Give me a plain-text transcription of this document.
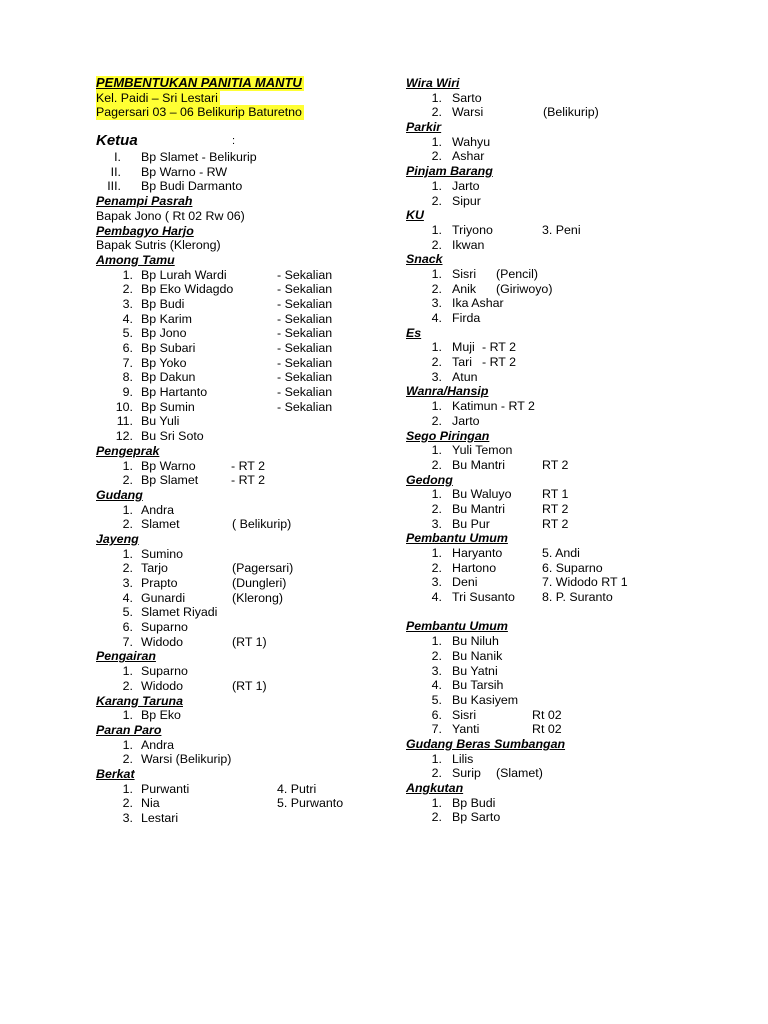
PEMBENTUKAN PANITIA MANTU
Kel. Paidi – Sri Lestari
Pagersari 03 – 06 Belikurip Baturetno
Ketua	:
I. Bp Slamet - Belikurip
II. Bp Warno - RW
III. Bp Budi Darmanto
Penampi Pasrah
Bapak Jono ( Rt 02 Rw 06)
Pembagyo Harjo
Bapak Sutris (Klerong)
Among Tamu
1. Bp Lurah Wardi	- Sekalian
2. Bp Eko Widagdo	- Sekalian
3. Bp Budi	- Sekalian
4. Bp Karim	- Sekalian
5. Bp Jono	- Sekalian
6. Bp Subari	- Sekalian
7. Bp Yoko	- Sekalian
8. Bp Dakun	- Sekalian
9. Bp Hartanto	- Sekalian
10. Bp Sumin	- Sekalian
11. Bu Yuli
12. Bu Sri Soto
Pengeprak
1. Bp Warno	- RT 2
2. Bp Slamet	- RT 2
Gudang
1. Andra
2. Slamet	( Belikurip)
Jayeng
1. Sumino
2. Tarjo	(Pagersari)
3. Prapto	(Dungleri)
4. Gunardi	(Klerong)
5. Slamet Riyadi
6. Suparno
7. Widodo	(RT 1)
Pengairan
1. Suparno
2. Widodo	(RT 1)
Karang Taruna
1. Bp Eko
Paran Paro
1. Andra
2. Warsi (Belikurip)
Berkat
1. Purwanti	4. Putri
2. Nia	5. Purwanto
3. Lestari
Wira Wiri
1. Sarto
2. Warsi	(Belikurip)
Parkir
1. Wahyu
2. Ashar
Pinjam Barang
1. Jarto
2. Sipur
KU
1. Triyono	3. Peni
2. Ikwan
Snack
1. Sisri (Pencil)
2. Anik (Giriwoyo)
3. Ika Ashar
4. Firda
Es
1. Muji - RT 2
2. Tari - RT 2
3. Atun
Wanra/Hansip
1. Katimun - RT 2
2. Jarto
Sego Piringan
1. Yuli Temon
2. Bu Mantri	RT 2
Gedong
1. Bu Waluyo RT 1
2. Bu Mantri	RT 2
3. Bu Pur	RT 2
Pembantu Umum
1. Haryanto	5. Andi
2. Hartono	6. Suparno
3. Deni	7. Widodo RT 1
4. Tri Susanto 8. P. Suranto
Pembantu Umum
1. Bu Niluh
2. Bu Nanik
3. Bu Yatni
4. Bu Tarsih
5. Bu Kasiyem
6. Sisri	Rt 02
7. Yanti	Rt 02
Gudang Beras Sumbangan
1. Lilis
2. Surip (Slamet)
Angkutan
1. Bp Budi
2. Bp Sarto
